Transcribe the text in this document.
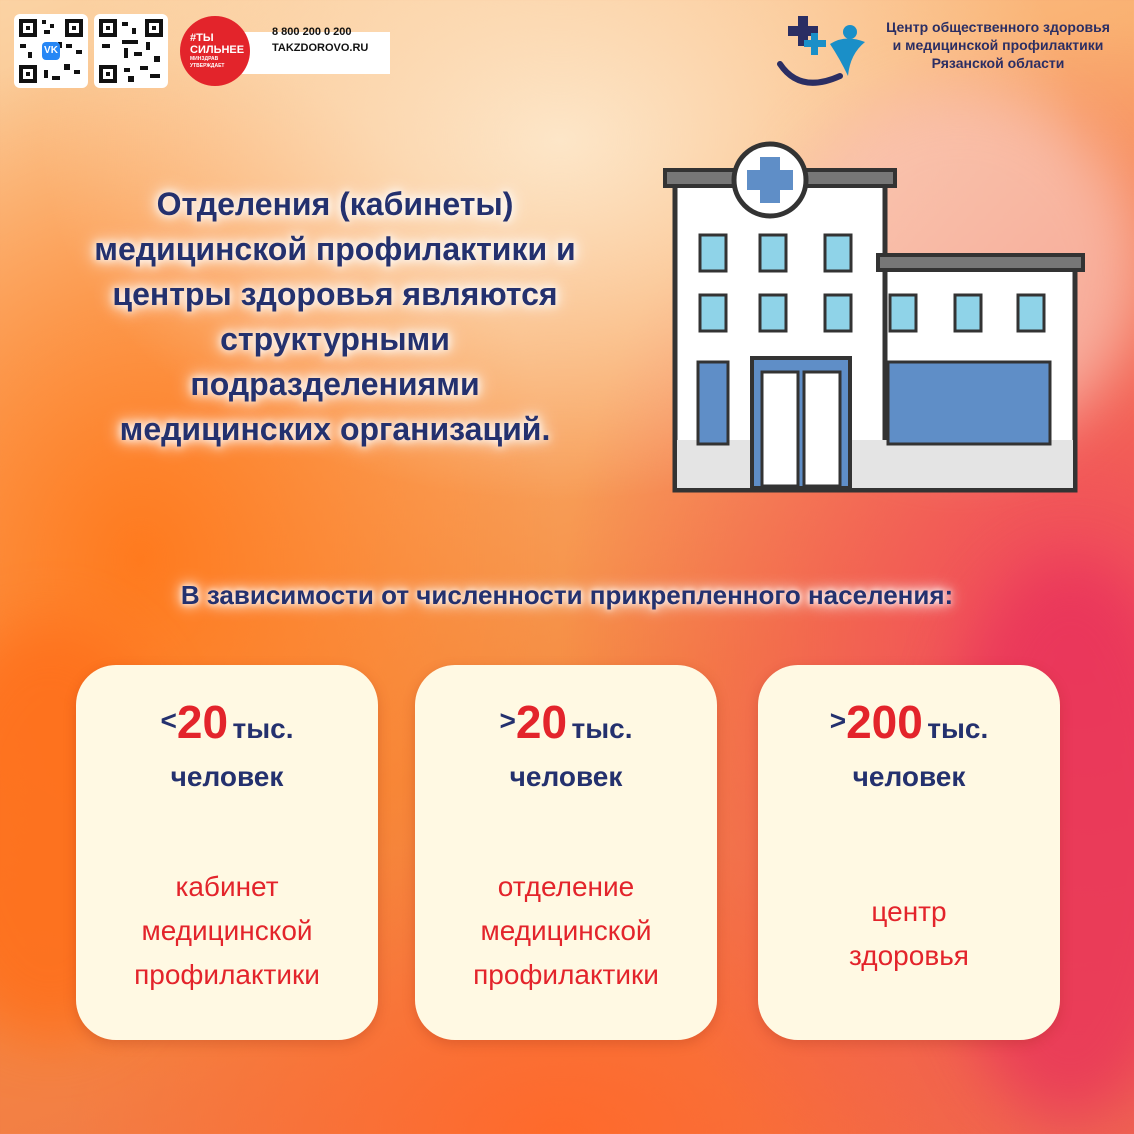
VK
#ТЫ
СИЛЬНЕЕ
МИНЗДРАВ УТВЕРЖДАЕТ
8 800 200 0 200
TAKZDOROVO.RU
Центр общественного здоровья
и медицинской профилактики
Рязанской области
Отделения (кабинеты)
медицинской профилактики и
центры здоровья являются
структурными
подразделениями
медицинских организаций.
В зависимости от численности прикрепленного населения:
<20 тыс.
человек
кабинет
медицинской
профилактики
>20 тыс.
человек
отделение
медицинской
профилактики
>200 тыс.
человек
центр
здоровья
